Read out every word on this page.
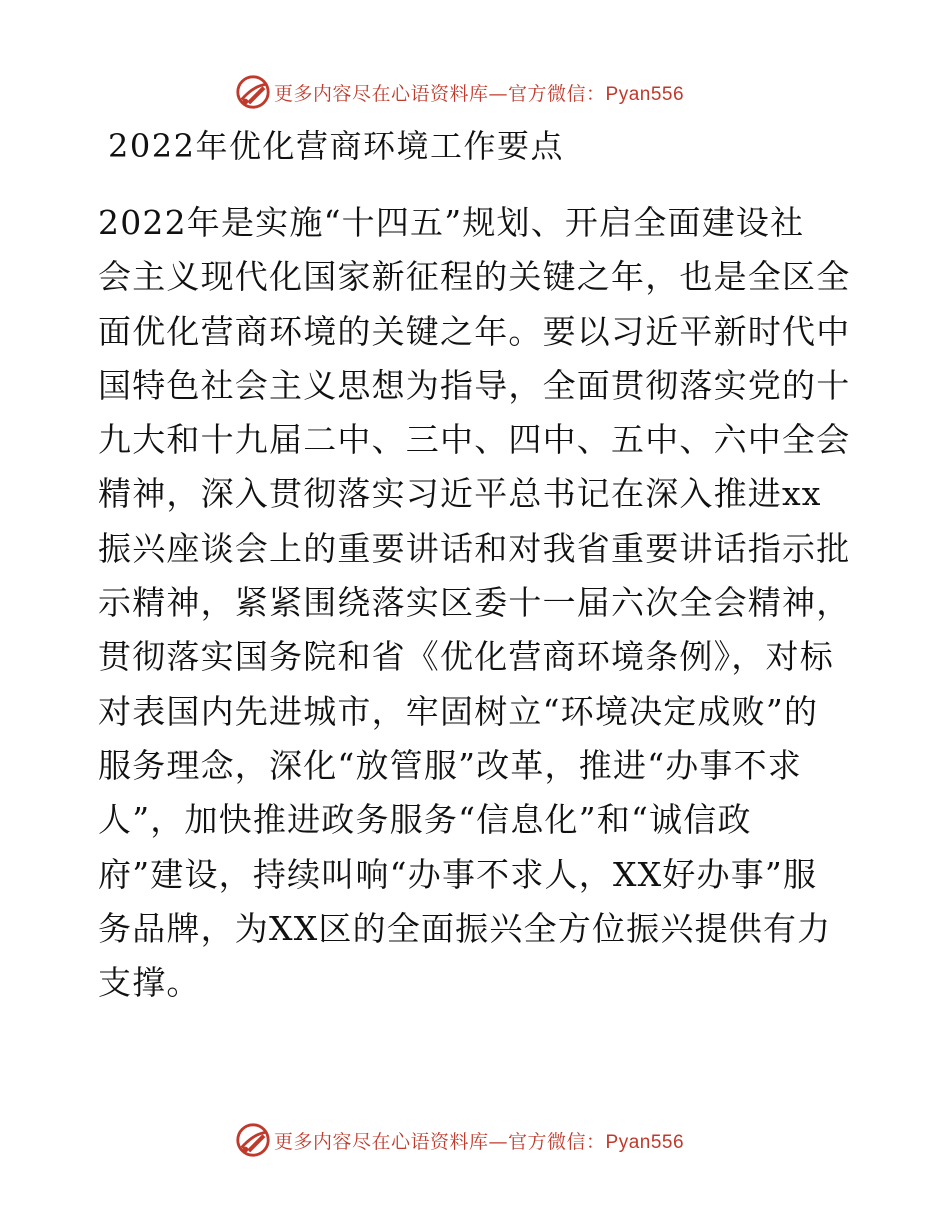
更多内容尽在心语资料库—官方微信：Pyan556
2022年优化营商环境工作要点

2022年是实施“十四五”规划、开启全面建设社
会主义现代化国家新征程的关键之年，也是全区全
面优化营商环境的关键之年。要以习近平新时代中
国特色社会主义思想为指导，全面贯彻落实党的十
九大和十九届二中、三中、四中、五中、六中全会
精神，深入贯彻落实习近平总书记在深入推进xx
振兴座谈会上的重要讲话和对我省重要讲话指示批
示精神，紧紧围绕落实区委十一届六次全会精神，
贯彻落实国务院和省《优化营商环境条例》，对标
对表国内先进城市，牢固树立“环境决定成败”的
服务理念，深化“放管服”改革，推进“办事不求
人”，加快推进政务服务“信息化”和“诚信政
府”建设，持续叫响“办事不求人，XX好办事”服
务品牌，为XX区的全面振兴全方位振兴提供有力
支撑。

更多内容尽在心语资料库—官方微信：Pyan556
